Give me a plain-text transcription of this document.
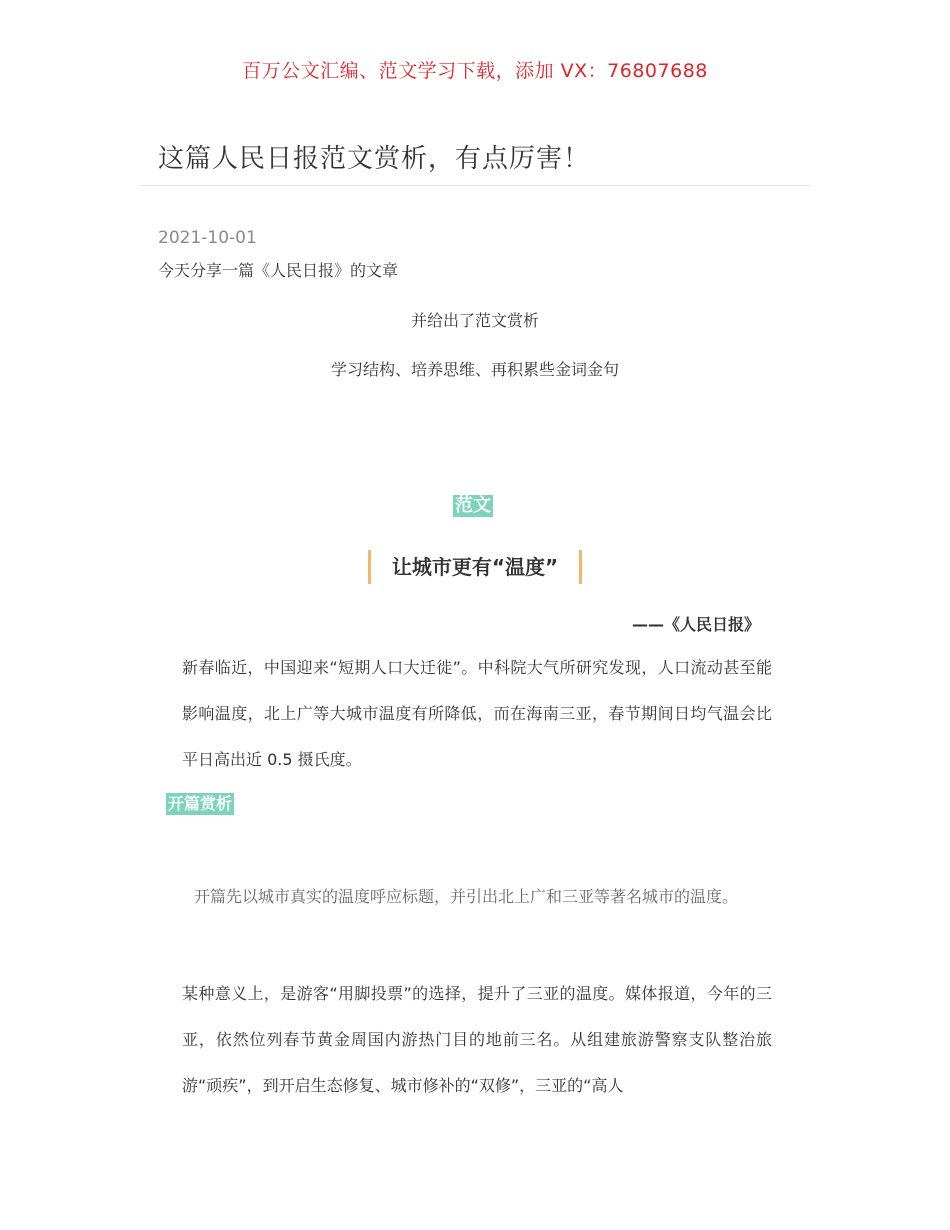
百万公文汇编、范文学习下载，添加 VX：76807688
这篇人民日报范文赏析，有点厉害！
2021-10-01
今天分享一篇《人民日报》的文章
并给出了范文赏析
学习结构、培养思维、再积累些金词金句
范文
让城市更有“温度”
——《人民日报》
新春临近，中国迎来“短期人口大迁徙”。中科院大气所研究发现，人口流动甚至能影响温度，北上广等大城市温度有所降低，而在海南三亚，春节期间日均气温会比平日高出近 0.5 摄氏度。
开篇赏析
开篇先以城市真实的温度呼应标题，并引出北上广和三亚等著名城市的温度。
某种意义上，是游客“用脚投票”的选择，提升了三亚的温度。媒体报道，今年的三亚，依然位列春节黄金周国内游热门目的地前三名。从组建旅游警察支队整治旅游“顽疾”，到开启生态修复、城市修补的“双修”，三亚的“高人
